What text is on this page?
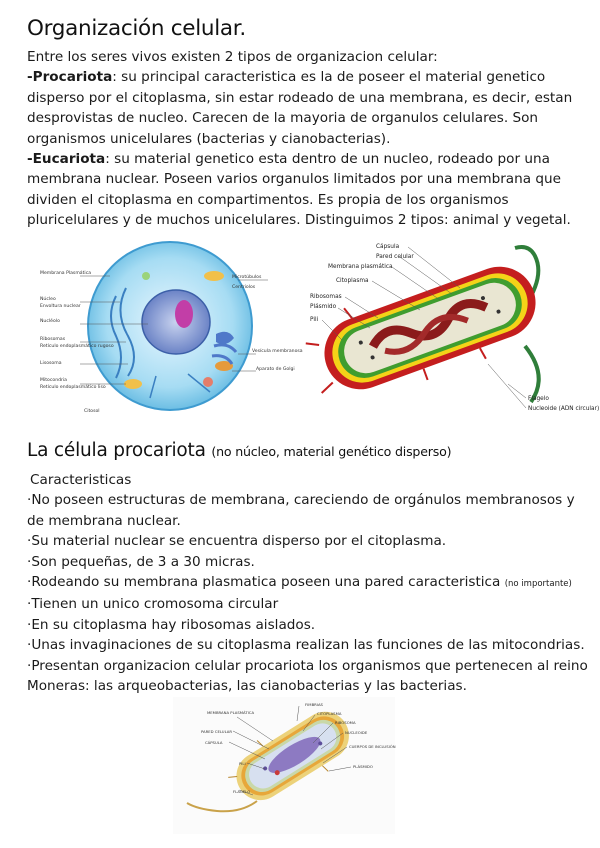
Organización celular.

Entre los seres vivos existen 2 tipos de organizacion celular:
-Procariota: su principal caracteristica es la de poseer el material genetico disperso por el citoplasma, sin estar rodeado de una membrana, es decir, estan desprovistas de nucleo. Carecen de la mayoria de organulos celulares. Son organismos unicelulares (bacterias y cianobacterias).
-Eucariota: su material genetico esta dentro de un nucleo, rodeado por una membrana nuclear. Poseen varios organulos limitados por una membrana que dividen el citoplasma en compartimentos. Es propia de los organismos pluricelulares y de muchos unicelulares. Distinguimos 2 tipos: animal y vegetal.

Membrana Plasmática
Núcleo
Envoltura nuclear
Nucléolo
Ribosomas
Retículo endoplasmático rugoso
Lisosoma
Mitocondria
Retículo endoplasmático liso
Citosol
Microtúbulos
Centriolos
Vesícula membranosa
Aparato de Golgi
Cápsula
Pared celular
Membrana plasmática
Citoplasma
Ribosomas
Plásmido
Pili
Flagelo
Nucleoide (ADN circular)
La célula procariota (no núcleo, material genético disperso)
Caracteristicas
·No poseen estructuras de membrana, careciendo de orgánulos membranosos y de membrana nuclear.
·Su material nuclear se encuentra disperso por el citoplasma.
·Son pequeñas, de 3 a 30 micras.
·Rodeando su membrana plasmatica poseen una pared caracteristica (no importante)
·Tienen un unico cromosoma circular
·En su citoplasma hay ribosomas aislados.
·Unas invaginaciones de su citoplasma realizan las funciones de las mitocondrias.
·Presentan organizacion celular procariota los organismos que pertenecen al reino Moneras: las arqueobacterias, las cianobacterias y las bacterias.
MEMBRANA PLASMÁTICA
PARED CELULAR
CÁPSULA
PILI
FLAGELO
FIMBRIAS
CITOPLASMA
RIBOSOMA
NUCLEOIDE
CUERPOS DE INCLUSIÓN
PLÁSMIDO
